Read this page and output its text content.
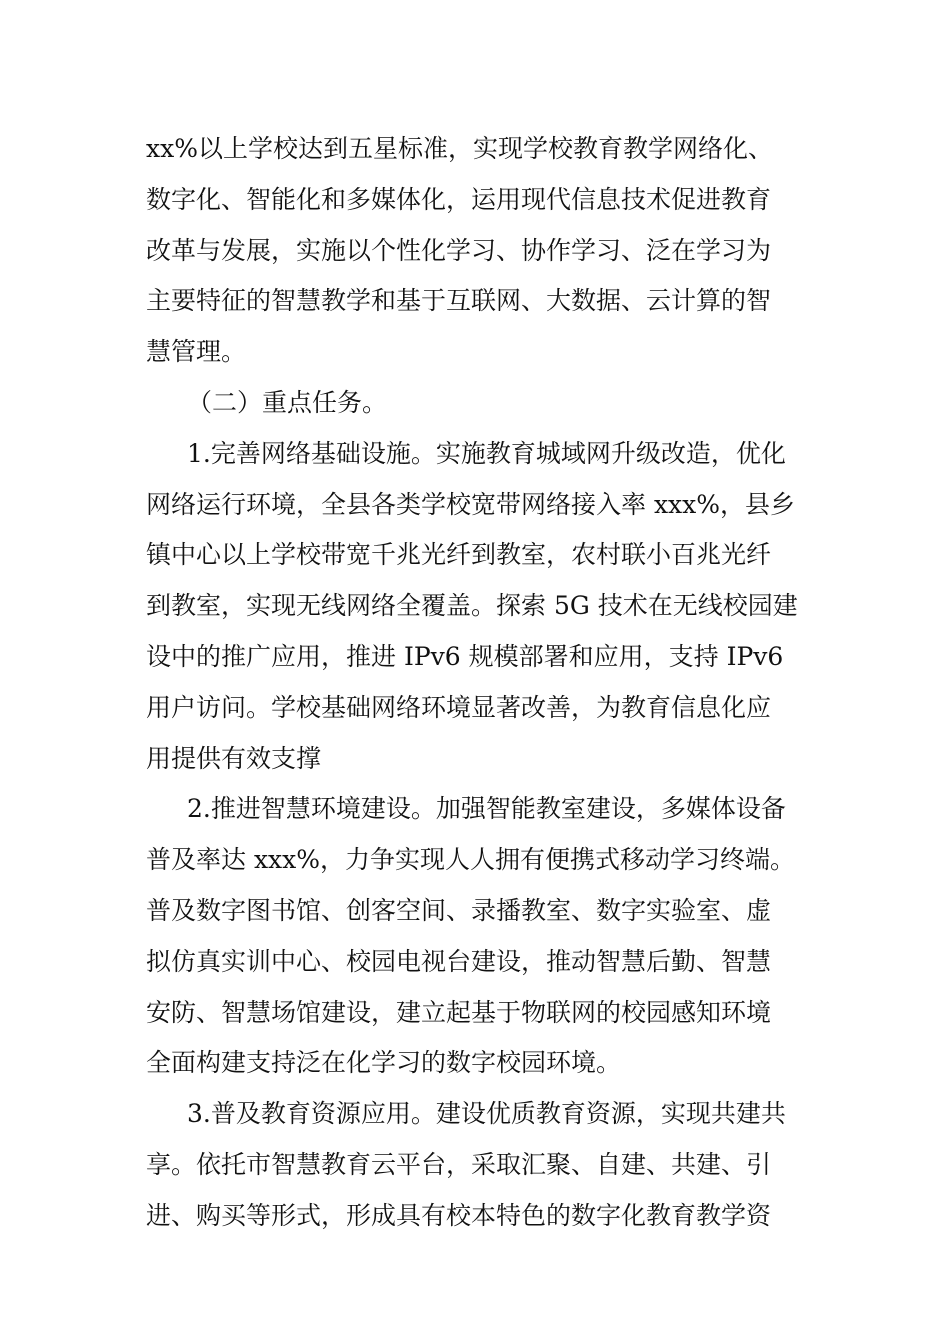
xx%以上学校达到五星标准，实现学校教育教学网络化、
数字化、智能化和多媒体化，运用现代信息技术促进教育
改革与发展，实施以个性化学习、协作学习、泛在学习为
主要特征的智慧教学和基于互联网、大数据、云计算的智
慧管理。

（二）重点任务。

1.完善网络基础设施。实施教育城域网升级改造，优化
网络运行环境，全县各类学校宽带网络接入率 xxx%，县乡
镇中心以上学校带宽千兆光纤到教室，农村联小百兆光纤
到教室，实现无线网络全覆盖。探索 5G 技术在无线校园建
设中的推广应用，推进 IPv6 规模部署和应用，支持 IPv6
用户访问。学校基础网络环境显著改善，为教育信息化应
用提供有效支撑

2.推进智慧环境建设。加强智能教室建设，多媒体设备
普及率达 xxx%，力争实现人人拥有便携式移动学习终端。
普及数字图书馆、创客空间、录播教室、数字实验室、虚
拟仿真实训中心、校园电视台建设，推动智慧后勤、智慧
安防、智慧场馆建设，建立起基于物联网的校园感知环境
全面构建支持泛在化学习的数字校园环境。

3.普及教育资源应用。建设优质教育资源，实现共建共
享。依托市智慧教育云平台，采取汇聚、自建、共建、引
进、购买等形式，形成具有校本特色的数字化教育教学资
